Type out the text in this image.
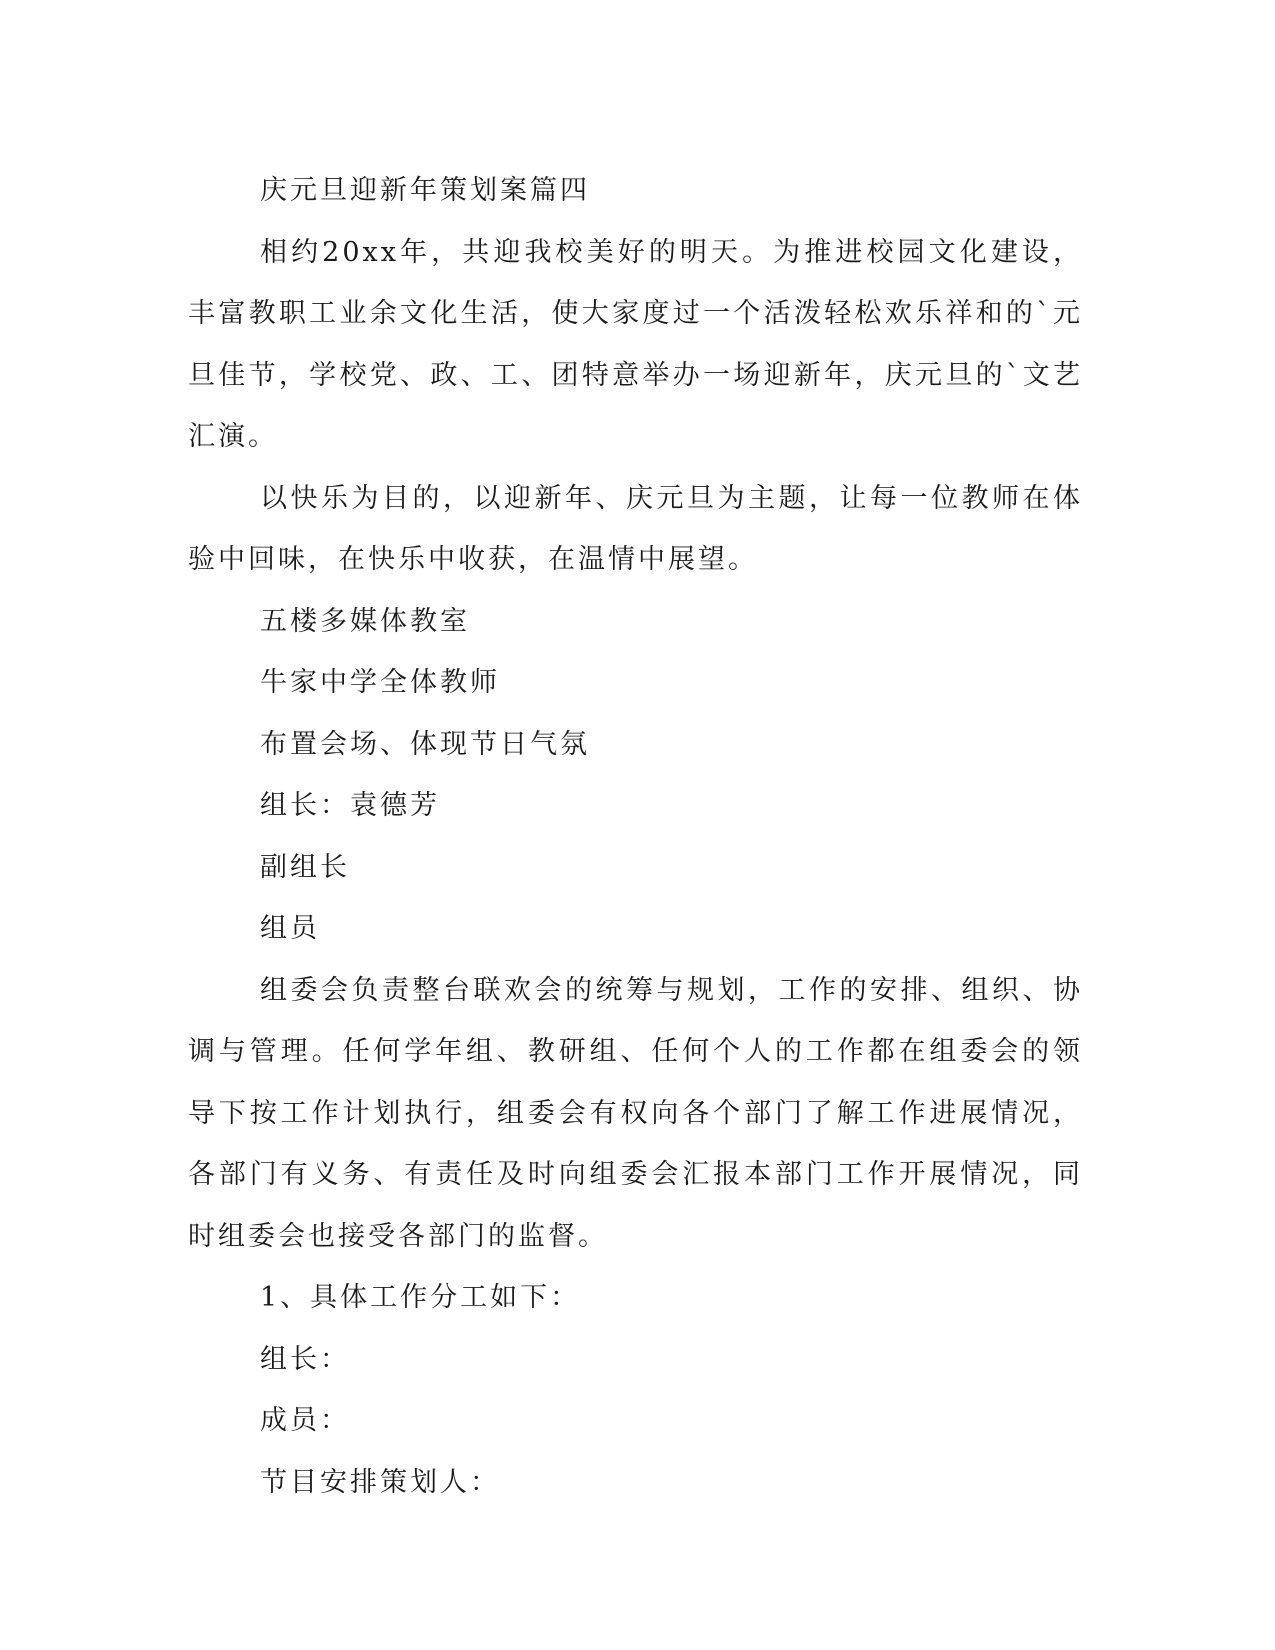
庆元旦迎新年策划案篇四

相约20xx年，共迎我校美好的明天。为推进校园文化建设，丰富教职工业余文化生活，使大家度过一个活泼轻松欢乐祥和的`元旦佳节，学校党、政、工、团特意举办一场迎新年，庆元旦的`文艺汇演。

以快乐为目的，以迎新年、庆元旦为主题，让每一位教师在体验中回味，在快乐中收获，在温情中展望。

五楼多媒体教室

牛家中学全体教师

布置会场、体现节日气氛

组长：袁德芳

副组长

组员

组委会负责整台联欢会的统筹与规划，工作的安排、组织、协调与管理。任何学年组、教研组、任何个人的工作都在组委会的领导下按工作计划执行，组委会有权向各个部门了解工作进展情况，各部门有义务、有责任及时向组委会汇报本部门工作开展情况，同时组委会也接受各部门的监督。

1、具体工作分工如下：

组长：

成员：

节目安排策划人：
